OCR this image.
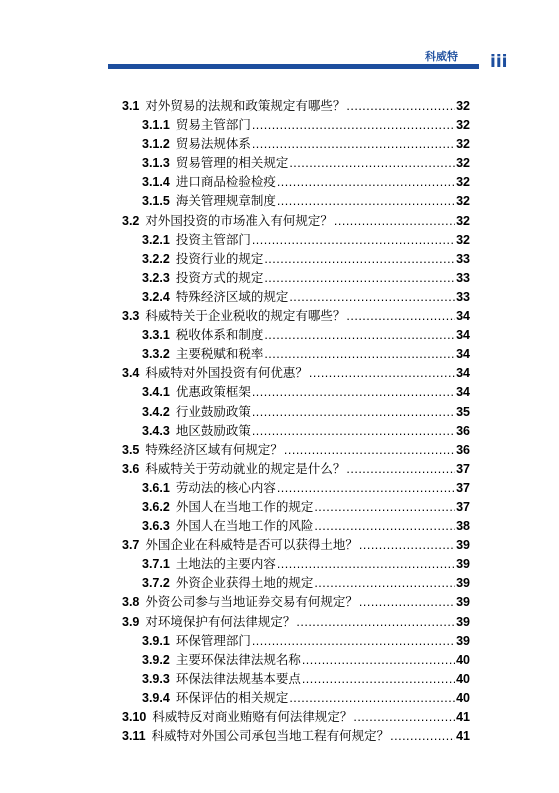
科威特 iii
3.1 对外贸易的法规和政策规定有哪些？ .....	32
3.1.1 贸易主管部门 .....	32
3.1.2 贸易法规体系 .....	32
3.1.3 贸易管理的相关规定 .....	32
3.1.4 进口商品检验检疫 .....	32
3.1.5 海关管理规章制度 .....	32
3.2 对外国投资的市场准入有何规定？ .....	32
3.2.1 投资主管部门 .....	32
3.2.2 投资行业的规定 .....	33
3.2.3 投资方式的规定 .....	33
3.2.4 特殊经济区域的规定 .....	33
3.3 科威特关于企业税收的规定有哪些？ .....	34
3.3.1 税收体系和制度 .....	34
3.3.2 主要税赋和税率 .....	34
3.4 科威特对外国投资有何优惠？ .....	34
3.4.1 优惠政策框架 .....	34
3.4.2 行业鼓励政策 .....	35
3.4.3 地区鼓励政策 .....	36
3.5 特殊经济区域有何规定？ .....	36
3.6 科威特关于劳动就业的规定是什么？ .....	37
3.6.1 劳动法的核心内容 .....	37
3.6.2 外国人在当地工作的规定 .....	37
3.6.3 外国人在当地工作的风险 .....	38
3.7 外国企业在科威特是否可以获得土地？ .....	39
3.7.1 土地法的主要内容 .....	39
3.7.2 外资企业获得土地的规定 .....	39
3.8 外资公司参与当地证券交易有何规定？ .....	39
3.9 对环境保护有何法律规定？ .....	39
3.9.1 环保管理部门 .....	39
3.9.2 主要环保法律法规名称 .....	40
3.9.3 环保法律法规基本要点 .....	40
3.9.4 环保评估的相关规定 .....	40
3.10 科威特反对商业贿赂有何法律规定？ .....	41
3.11 科威特对外国公司承包当地工程有何规定？ .....	41
